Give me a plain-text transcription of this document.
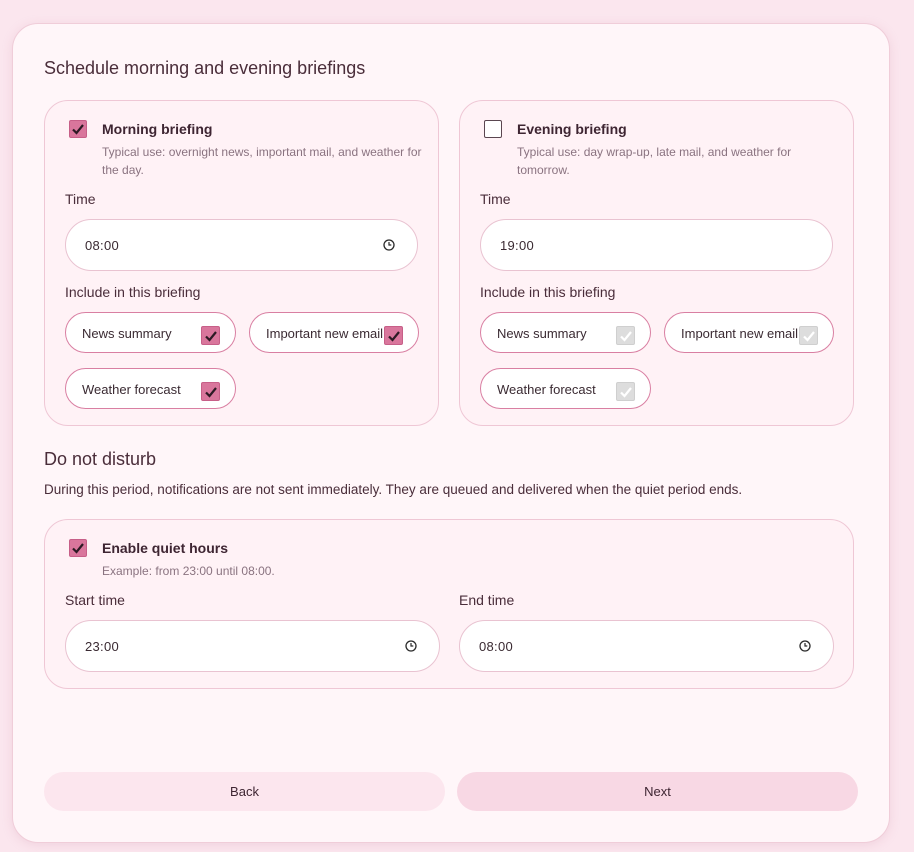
Schedule morning and evening briefings
Morning briefing
Typical use: overnight news, important mail, and weather for the day.
Time
08:00
Include in this briefing
News summary	Important new email
Weather forecast
Evening briefing
Typical use: day wrap-up, late mail, and weather for tomorrow.
Time
19:00
Include in this briefing
News summary	Important new email
Weather forecast
Do not disturb
During this period, notifications are not sent immediately. They are queued and delivered when the quiet period ends.
Enable quiet hours
Example: from 23:00 until 08:00.
Start time
23:00
End time
08:00
Back	Next
